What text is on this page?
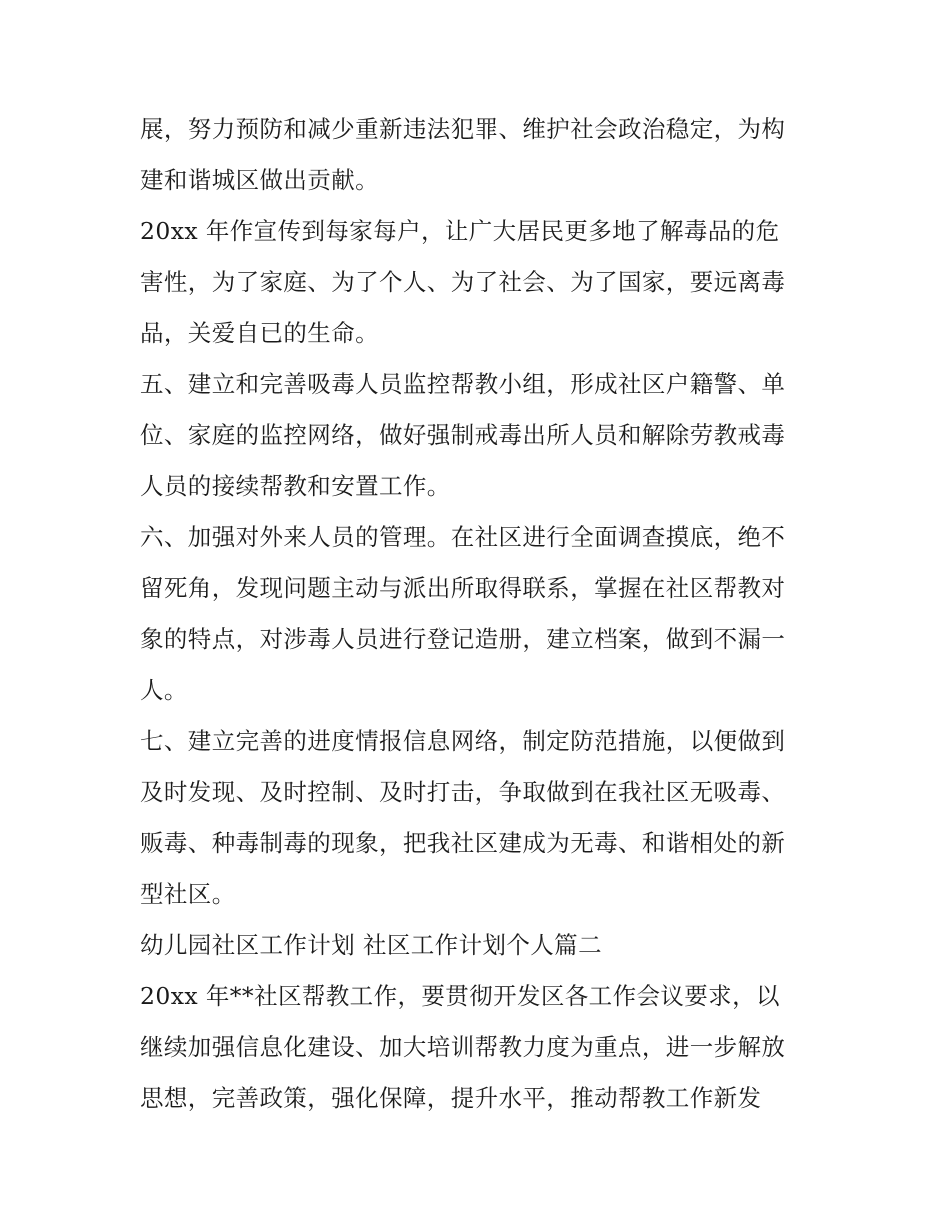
展，努力预防和减少重新违法犯罪、维护社会政治稳定，为构
建和谐城区做出贡献。
20xx 年作宣传到每家每户，让广大居民更多地了解毒品的危
害性，为了家庭、为了个人、为了社会、为了国家，要远离毒
品，关爱自已的生命。
五、建立和完善吸毒人员监控帮教小组，形成社区户籍警、单
位、家庭的监控网络，做好强制戒毒出所人员和解除劳教戒毒
人员的接续帮教和安置工作。
六、加强对外来人员的管理。在社区进行全面调查摸底，绝不
留死角，发现问题主动与派出所取得联系，掌握在社区帮教对
象的特点，对涉毒人员进行登记造册，建立档案，做到不漏一
人。
七、建立完善的进度情报信息网络，制定防范措施，以便做到
及时发现、及时控制、及时打击，争取做到在我社区无吸毒、
贩毒、种毒制毒的现象，把我社区建成为无毒、和谐相处的新
型社区。
幼儿园社区工作计划 社区工作计划个人篇二
20xx 年**社区帮教工作，要贯彻开发区各工作会议要求，以
继续加强信息化建设、加大培训帮教力度为重点，进一步解放
思想，完善政策，强化保障，提升水平，推动帮教工作新发
